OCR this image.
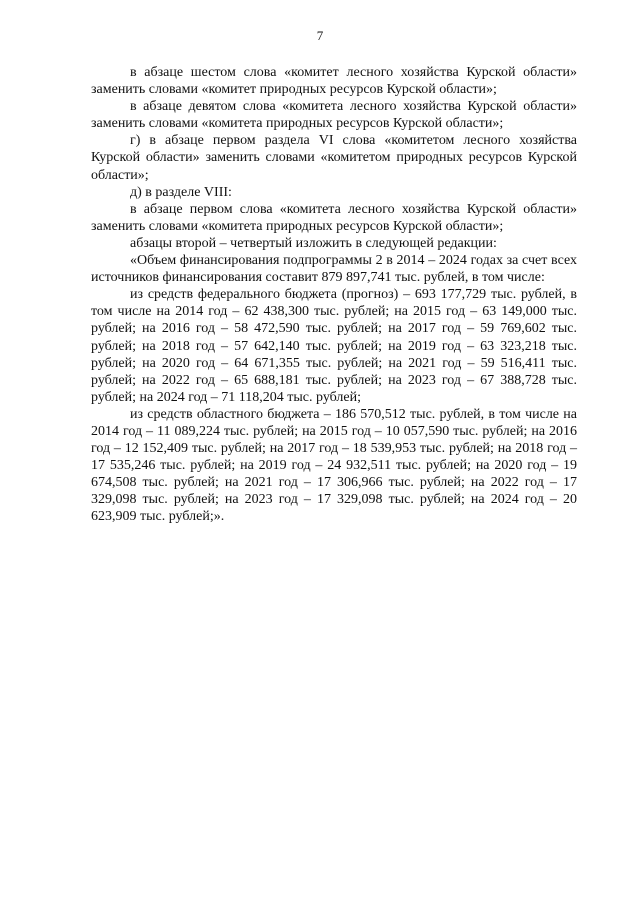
7

в абзаце шестом слова «комитет лесного хозяйства Курской области» заменить словами «комитет природных ресурсов Курской области»;

в абзаце девятом слова «комитета лесного хозяйства Курской области» заменить словами «комитета природных ресурсов Курской области»;

г) в абзаце первом раздела VI слова «комитетом лесного хозяйства Курской области» заменить словами «комитетом природных ресурсов Курской области»;

д) в разделе VIII:

в абзаце первом слова «комитета лесного хозяйства Курской области» заменить словами «комитета природных ресурсов Курской области»;

абзацы второй – четвертый изложить в следующей редакции:

«Объем финансирования подпрограммы 2 в 2014 – 2024 годах за счет всех источников финансирования составит 879 897,741 тыс. рублей, в том числе:

из средств федерального бюджета (прогноз) – 693 177,729 тыс. рублей, в том числе на 2014 год – 62 438,300 тыс. рублей; на 2015 год – 63 149,000 тыс. рублей; на 2016 год – 58 472,590 тыс. рублей; на 2017 год – 59 769,602 тыс. рублей; на 2018 год – 57 642,140 тыс. рублей; на 2019 год – 63 323,218 тыс. рублей; на 2020 год – 64 671,355 тыс. рублей; на 2021 год – 59 516,411 тыс. рублей; на 2022 год – 65 688,181 тыс. рублей; на 2023 год – 67 388,728 тыс. рублей; на 2024 год – 71 118,204 тыс. рублей;

из средств областного бюджета – 186 570,512 тыс. рублей, в том числе на 2014 год – 11 089,224 тыс. рублей; на 2015 год – 10 057,590 тыс. рублей; на 2016 год – 12 152,409 тыс. рублей; на 2017 год – 18 539,953 тыс. рублей; на 2018 год – 17 535,246 тыс. рублей; на 2019 год – 24 932,511 тыс. рублей; на 2020 год – 19 674,508 тыс. рублей; на 2021 год – 17 306,966 тыс. рублей; на 2022 год – 17 329,098 тыс. рублей; на 2023 год – 17 329,098 тыс. рублей; на 2024 год – 20 623,909 тыс. рублей;».
